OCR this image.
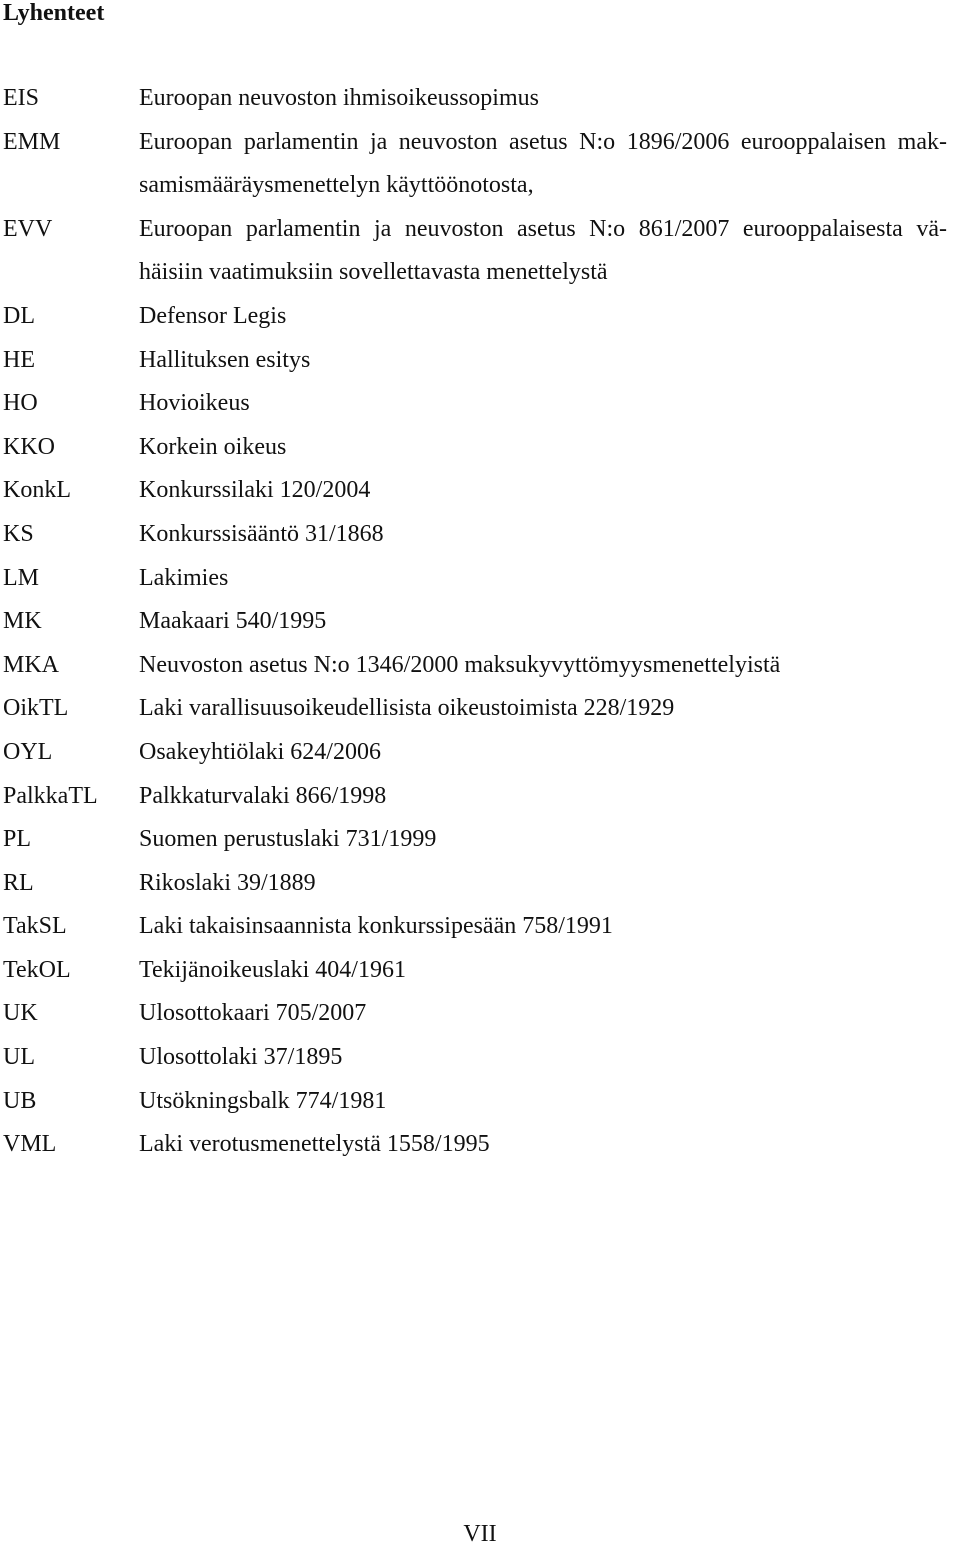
Lyhenteet
EIS	Euroopan neuvoston ihmisoikeussopimus
EMM	Euroopan parlamentin ja neuvoston asetus N:o 1896/2006 eurooppalaisen mak-
samismääräysmenettelyn käyttöönotosta,
EVV	Euroopan parlamentin ja neuvoston asetus N:o 861/2007 eurooppalaisesta vä-
häisiin vaatimuksiin sovellettavasta menettelystä
DL	Defensor Legis
HE	Hallituksen esitys
HO	Hovioikeus
KKO	Korkein oikeus
KonkL	Konkurssilaki 120/2004
KS	Konkurssisääntö 31/1868
LM	Lakimies
MK	Maakaari 540/1995
MKA	Neuvoston asetus N:o 1346/2000 maksukyvyttömyysmenettelyistä
OikTL	Laki varallisuusoikeudellisista oikeustoimista 228/1929
OYL	Osakeyhtiölaki 624/2006
PalkkaTL Palkkaturvalaki 866/1998
PL	Suomen perustuslaki 731/1999
RL	Rikoslaki 39/1889
TakSL	Laki takaisinsaannista konkurssipesään 758/1991
TekOL	Tekijänoikeuslaki 404/1961
UK	Ulosottokaari 705/2007
UL	Ulosottolaki 37/1895
UB	Utsökningsbalk 774/1981
VML	Laki verotusmenettelystä 1558/1995
VII
